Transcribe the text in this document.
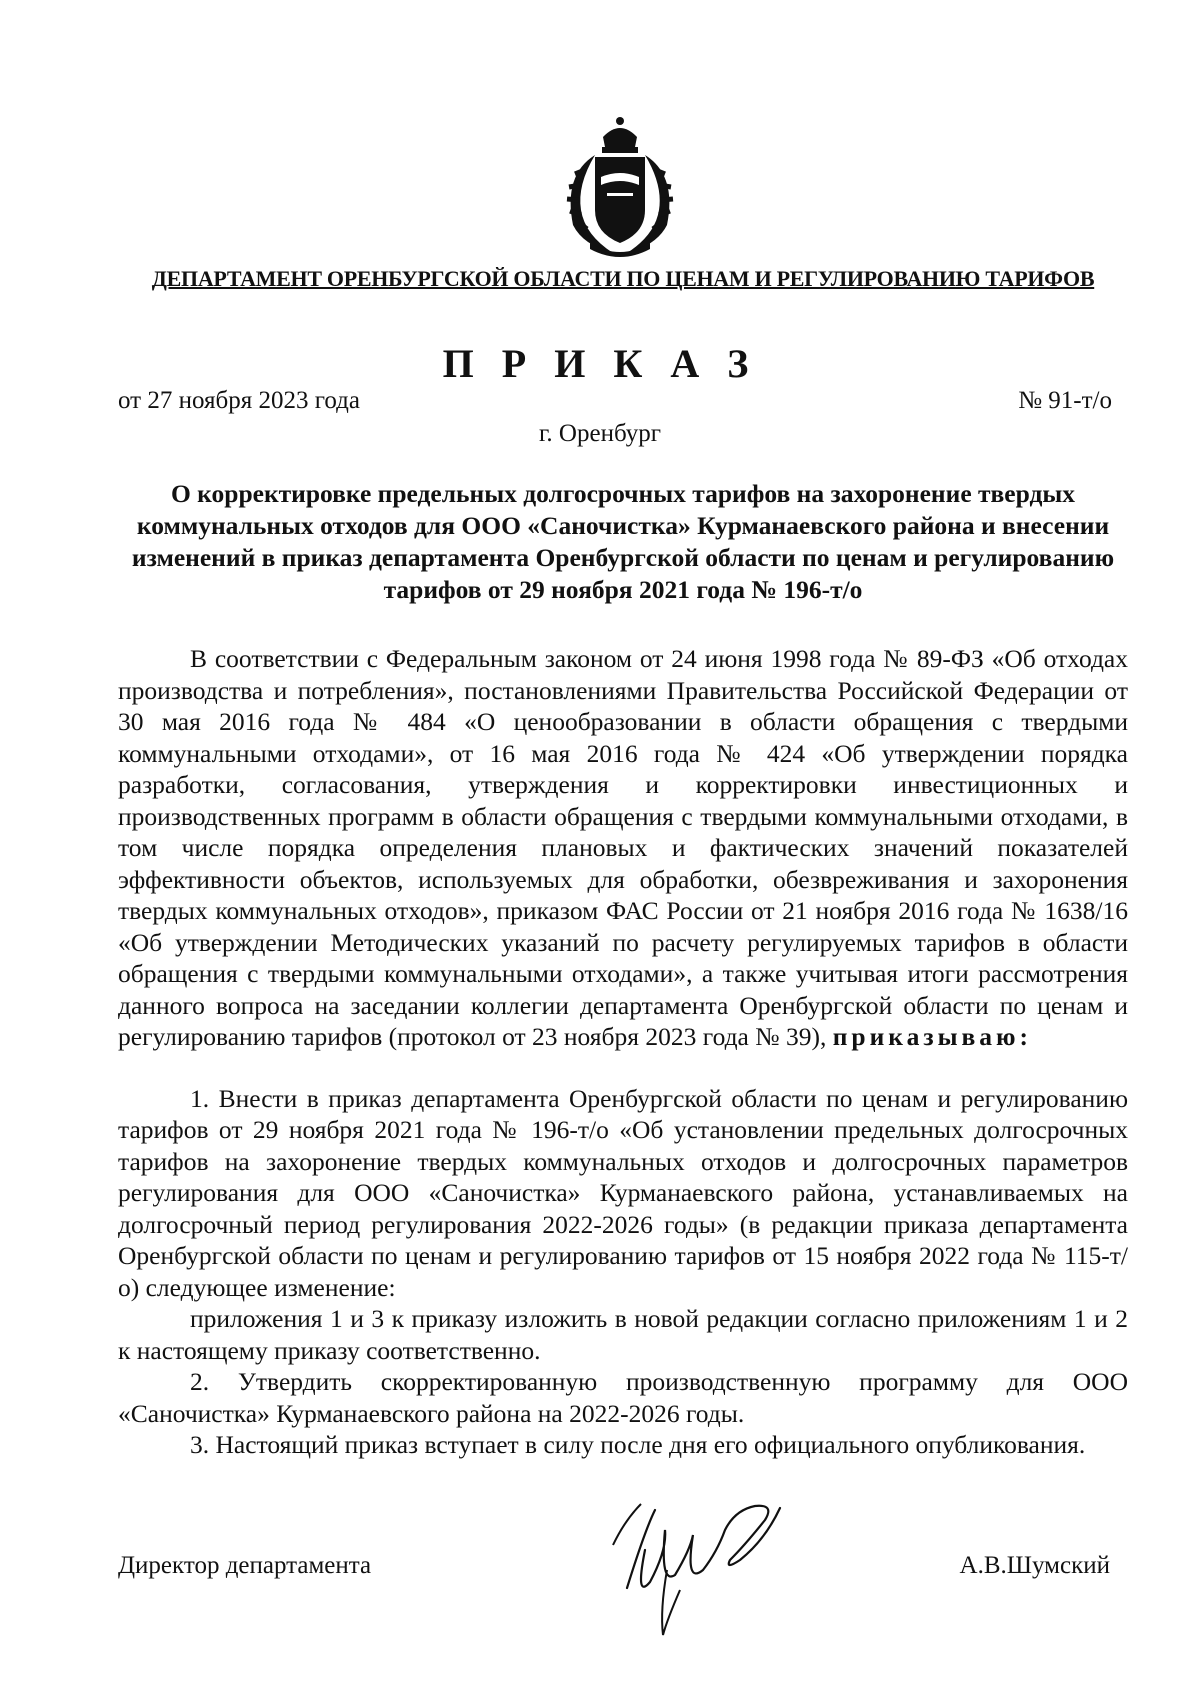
ДЕПАРТАМЕНТ ОРЕНБУРГСКОЙ ОБЛАСТИ ПО ЦЕНАМ И РЕГУЛИРОВАНИЮ ТАРИФОВ
П Р И К А З
от 27 ноября 2023 года	№ 91-т/о
г. Оренбург
О корректировке предельных долгосрочных тарифов на захоронение твердых коммунальных отходов для ООО «Саночистка» Курманаевского района и внесении изменений в приказ департамента Оренбургской области по ценам и регулированию тарифов от 29 ноября 2021 года № 196-т/о

В соответствии с Федеральным законом от 24 июня 1998 года № 89-ФЗ «Об отходах производства и потребления», постановлениями Правительства Российской Федерации от 30 мая 2016 года № 484 «О ценообразовании в области обращения с твердыми коммунальными отходами», от 16 мая 2016 года № 424 «Об утверждении порядка разработки, согласования, утверждения и корректировки инвестиционных и производственных программ в области обращения с твердыми коммунальными отходами, в том числе порядка определения плановых и фактических значений показателей эффективности объектов, используемых для обработки, обезвреживания и захоронения твердых коммунальных отходов», приказом ФАС России от 21 ноября 2016 года № 1638/16 «Об утверждении Методических указаний по расчету регулируемых тарифов в области обращения с твердыми коммунальными отходами», а также учитывая итоги рассмотрения данного вопроса на заседании коллегии департамента Оренбургской области по ценам и регулированию тарифов (протокол от 23 ноября 2023 года № 39), приказываю:

1. Внести в приказ департамента Оренбургской области по ценам и регулированию тарифов от 29 ноября 2021 года № 196-т/о «Об установлении предельных долгосрочных тарифов на захоронение твердых коммунальных отходов и долгосрочных параметров регулирования для ООО «Саночистка» Курманаевского района, устанавливаемых на долгосрочный период регулирования 2022-2026 годы» (в редакции приказа департамента Оренбургской области по ценам и регулированию тарифов от 15 ноября 2022 года № 115-т/о) следующее изменение:

приложения 1 и 3 к приказу изложить в новой редакции согласно приложениям 1 и 2 к настоящему приказу соответственно.

2. Утвердить скорректированную производственную программу для ООО «Саночистка» Курманаевского района на 2022-2026 годы.

3. Настоящий приказ вступает в силу после дня его официального опубликования.

Директор департамента	А.В.Шумский
